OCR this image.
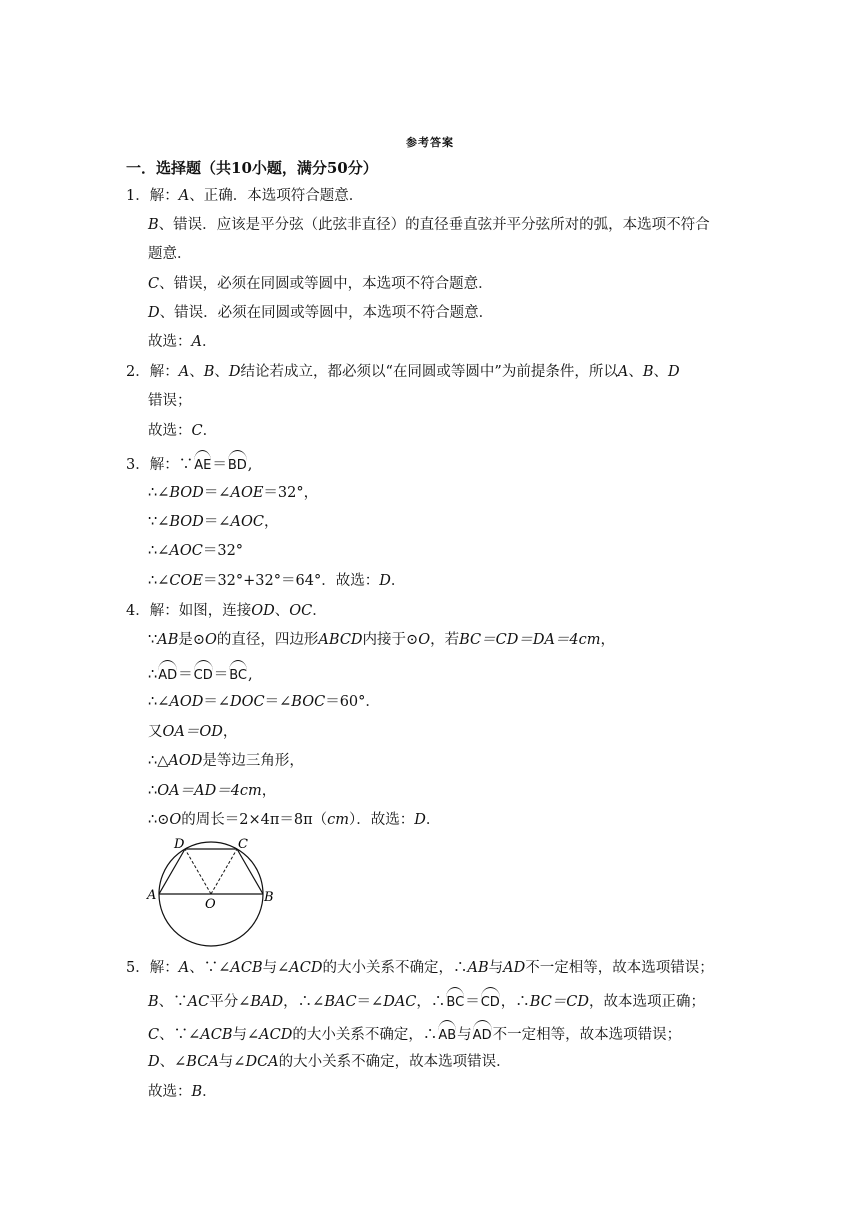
参考答案
一．选择题（共10小题，满分50分）
1．解：A、正确．本选项符合题意．
B、错误．应该是平分弦（此弦非直径）的直径垂直弦并平分弦所对的弧，本选项不符合
题意．
C、错误，必须在同圆或等圆中，本选项不符合题意．
D、错误．必须在同圆或等圆中，本选项不符合题意．
故选：A．
2．解：A、B、D结论若成立，都必须以“在同圆或等圆中”为前提条件，所以A、B、D
错误；
故选：C．
3．解：∵AE＝BD,
∴∠BOD＝∠AOE＝32°，
∵∠BOD＝∠AOC，
∴∠AOC＝32°
∴∠COE＝32°+32°＝64°．故选：D．
4．解：如图，连接OD、OC．
∵AB是⊙O的直径，四边形ABCD内接于⊙O，若BC＝CD＝DA＝4cm，
∴AD＝CD＝BC,
∴∠AOD＝∠DOC＝∠BOC＝60°．
又OA＝OD，
∴△AOD是等边三角形，
∴OA＝AD＝4cm，
∴⊙O的周长＝2×4π＝8π（cm）．故选：D．
D	C
A
O	B
5．解：A、∵∠ACB与∠ACD的大小关系不确定，∴AB与AD不一定相等，故本选项错误；
B、∵AC平分∠BAD，∴∠BAC＝∠DAC，∴BC＝CD，∴BC＝CD，故本选项正确；
C、∵∠ACB与∠ACD的大小关系不确定，∴AB与AD不一定相等，故本选项错误；
D、∠BCA与∠DCA的大小关系不确定，故本选项错误．
故选：B．
